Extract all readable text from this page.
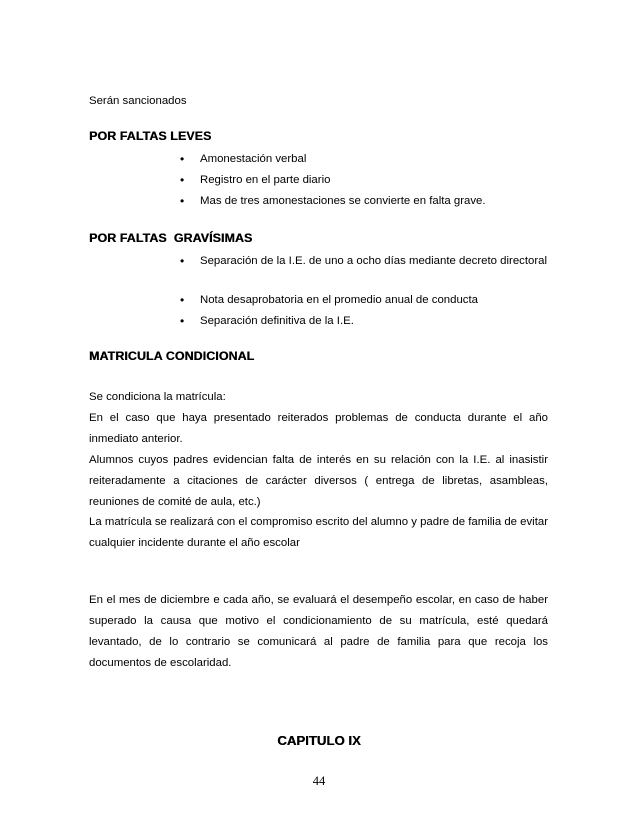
Serán sancionados

POR FALTAS LEVES
•	Amonestación verbal
•	Registro en el parte diario
•	Mas de tres amonestaciones se convierte en falta grave.
POR FALTAS  GRAVÍSIMAS
•	Separación de la I.E. de uno a ocho días mediante decreto directoral
•	Nota desaprobatoria en el promedio anual de conducta
•	Separación definitiva de la I.E.
MATRICULA CONDICIONAL

Se condiciona la matrícula:

En el caso que haya presentado reiterados problemas de conducta durante el año inmediato anterior.

Alumnos cuyos padres evidencian falta de interés en su relación con la I.E. al inasistir reiteradamente a citaciones de carácter diversos ( entrega de libretas, asambleas, reuniones de comité de aula, etc.)

La matrícula se realizará con el compromiso escrito del alumno y padre de familia de evitar cualquier incidente durante el año escolar

En el mes de diciembre e cada año, se evaluará el desempeño escolar, en caso de haber superado la causa que motivo el condicionamiento de su matrícula, esté quedará levantado, de lo contrario se comunicará al padre de familia para que recoja los documentos de escolaridad.

CAPITULO IX
44
